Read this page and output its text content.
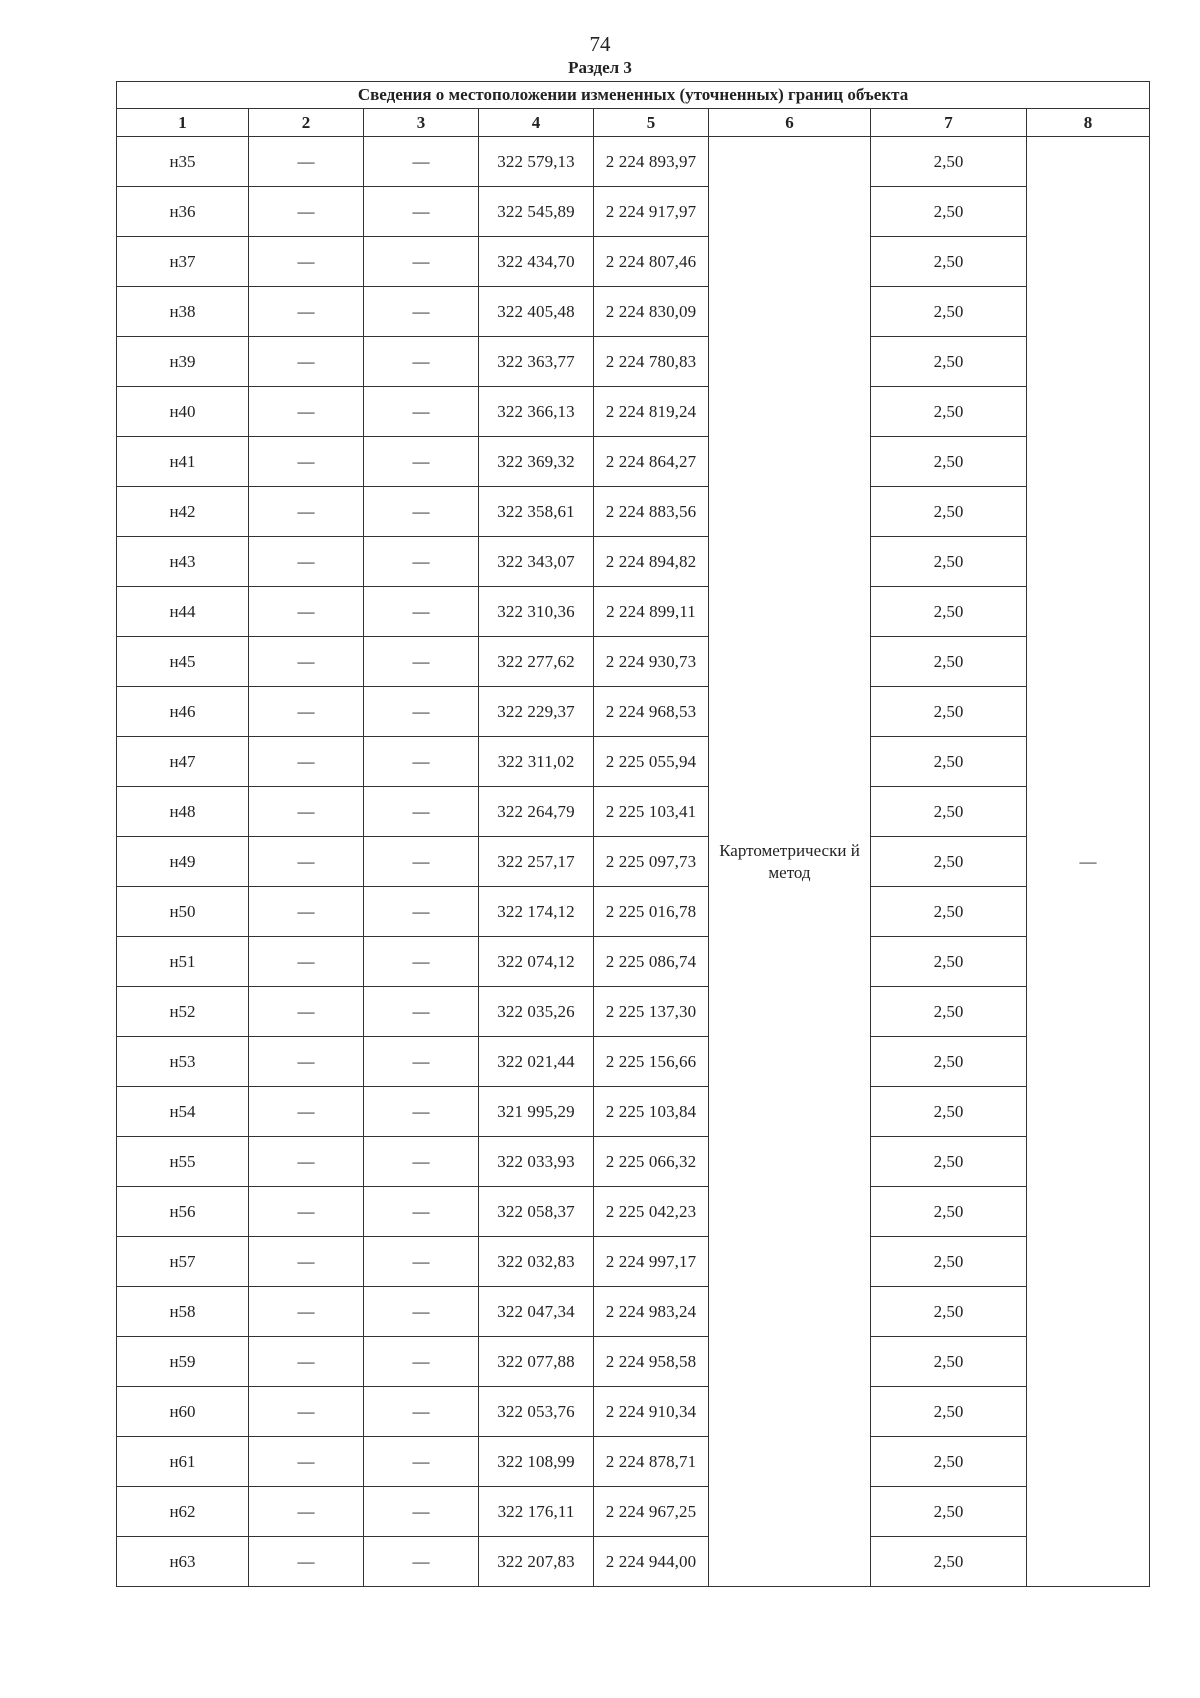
74
Раздел 3
Сведения о местоположении измененных (уточненных) границ объекта							
1	2	3	4	5	6	7	8
н35	—	—	322 579,13	2 224 893,97	Картометрически й метод	2,50	—
н36	—	—	322 545,89	2 224 917,97		2,50	
н37	—	—	322 434,70	2 224 807,46		2,50	
н38	—	—	322 405,48	2 224 830,09		2,50	
н39	—	—	322 363,77	2 224 780,83		2,50	
н40	—	—	322 366,13	2 224 819,24		2,50	
н41	—	—	322 369,32	2 224 864,27		2,50	
н42	—	—	322 358,61	2 224 883,56		2,50	
н43	—	—	322 343,07	2 224 894,82		2,50	
н44	—	—	322 310,36	2 224 899,11		2,50	
н45	—	—	322 277,62	2 224 930,73		2,50	
н46	—	—	322 229,37	2 224 968,53		2,50	
н47	—	—	322 311,02	2 225 055,94		2,50	
н48	—	—	322 264,79	2 225 103,41		2,50	
н49	—	—	322 257,17	2 225 097,73		2,50	
н50	—	—	322 174,12	2 225 016,78		2,50	
н51	—	—	322 074,12	2 225 086,74		2,50	
н52	—	—	322 035,26	2 225 137,30		2,50	
н53	—	—	322 021,44	2 225 156,66		2,50	
н54	—	—	321 995,29	2 225 103,84		2,50	
н55	—	—	322 033,93	2 225 066,32		2,50	
н56	—	—	322 058,37	2 225 042,23		2,50	
н57	—	—	322 032,83	2 224 997,17		2,50	
н58	—	—	322 047,34	2 224 983,24		2,50	
н59	—	—	322 077,88	2 224 958,58		2,50	
н60	—	—	322 053,76	2 224 910,34		2,50	
н61	—	—	322 108,99	2 224 878,71		2,50	
н62	—	—	322 176,11	2 224 967,25		2,50	
н63	—	—	322 207,83	2 224 944,00		2,50	
